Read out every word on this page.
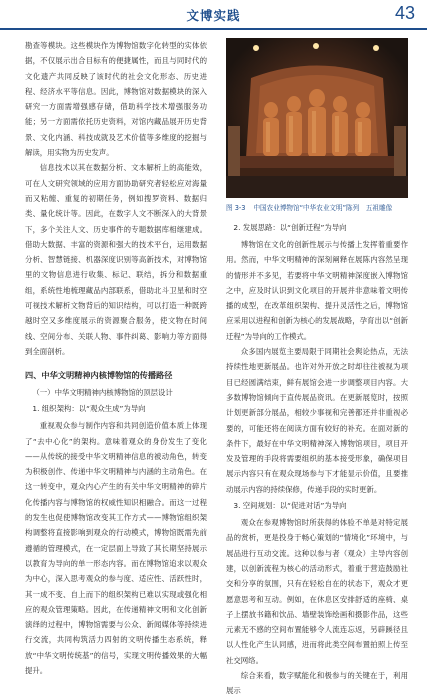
文博实践	43

勘查等模块。这些模块作为博物馆数字化转型的实体依据，不仅展示出合目标有的便捷属性，而且与同时代的文化遗产共同反映了该时代的社会文化形态、历史进程、经济水平等信息。因此，博物馆对数据模块的深入研究一方面需增强感存储，借助科学技术增强服务功能；另一方面需依托历史资料，对馆内藏品展开历史背景、文化内涵、科技成就及艺术价值等多维度的挖掘与解读，用实物为历史发声。

信息技术以其在数据分析、文本解析上的高能效，可在人文研究领域的应用方面协助研究者轻松应对海量而又粘缠、重复的初期任务，例如搜罗资料、数据归类、量化统计等。因此，在数字人文不断深入的大背景下，多个关注人文、历史事件的专题数据库相继建成。借助大数据、丰富的资源和强大的技术平台，运用数据分析、智慧链接、机器深度识别等高新技术，对博物馆里的文物信息进行收集、标记、联结，拆分和数据重组，系统性地梳理藏品内部联系，借助北斗卫星和时空可视技术解析文物背后的知识结构，可以打造一种既跨越时空又多维度展示的资源聚合服务，使文物在时间线、空间分布、关联人物、事件纠葛、影响力等方面得到全面剖析。

四、中华文明精神内核博物馆的传播路径
（一）中华文明精神内核博物馆的顶层设计
1. 组织架构：以“观众生成”为导向

重视观众参与制作内容和共同创造价值本质上体现了“去中心化”的架构。意味着观众的身份发生了变化——从传统的接受中华文明精神信息的被动角色，转变为积极创作、传递中华文明精神与内涵的主动角色。在这一转变中，观众内心产生的有关中华文明精神的碎片化传播内容与博物馆的权威性知识相融合。而这一过程的发生也促使博物馆改变其工作方式——博物馆组织架构调整将直接影响到观众的行动模式，博物馆既需先前遵循的管理模式，在一定层面上导致了其长期坚持展示以教育为导向的单一形态内容。而在博物馆追求以观众为中心，深入思考观众的参与度、适应性、活跃性时，其一成不变、自上而下的组织架构已难以实现或强化相应的观众管理策略。因此，在传递精神文明和文化创新演绎的过程中，博物馆需要与公众、新闻媒体等持续进行交流，共同构筑活力四射的文明传播生态系统，释放“中华文明传统基”的信号，实现文明传播效果的大幅提升。

图 3-3 中国农业博物馆“中华农业文明”陈列　五祖雕像
2. 发展思路：以“创新迁程”为导向

博物馆在文化的创新性展示与传播上发挥着重要作用。然而，中华文明精神的深刻阐释在展陈内容然呈现的情形并不多见，若要将中华文明精神深度嵌入博物馆之中，应及时认识到文化项目的开展并非意味着文明传播的成型，在改革组织架构、提升灵活性之后，博物馆应采用以进程和创新为核心的发展战略，孕育出以“创新迁程”为导向的工作模式。

众多国内展览主要局限于同期社会舆论热点，无法持续性地更新展品。也许对外开放之时却往往被视为项目已经圆满结束，鲜有展馆会进一步调整项目内容。大多数博物馆倾向于直传展品资讯。在更新展览时，按照计划更新部分展品，相较少事视和完善都还并非重视必要的，可能还将在阅读方面有较好的补充。在面对新的条件下，最好在中华文明精神深入博物馆项目，项目开发及管理的手段将需要组织的基本接受形象，确保项目展示内容只有在观众现场参与下才能显示价值，且要推动展示内容的持续保修，传递手段的实时更新。

3. 空间规划：以“促进对话”为导向

观众在参观博物馆时所获得的体验不单是对特定展品的赏析，更是投身于畅心策划的“情境化”环境中，与展品进行互动交流。这种以参与者（观众）主导内容创建，以创新流程为核心的活动形式，着重于营造鼓励社交和分享的氛围，只有在轻松自在的状态下，观众才更愿意思考和互动。例如，在休息区安排舒适的座椅、桌子上摆放书籍和饮品、墙壁装饰绘画和摄影作品，这些元素无不感的空间布置能够令人流连忘返，另辟蹊径且以人性化产生认同感，进而将此类空间布置拍照上传至社交网络。

综合来看，数字赋能化和极参与的关键在于，利用展示
